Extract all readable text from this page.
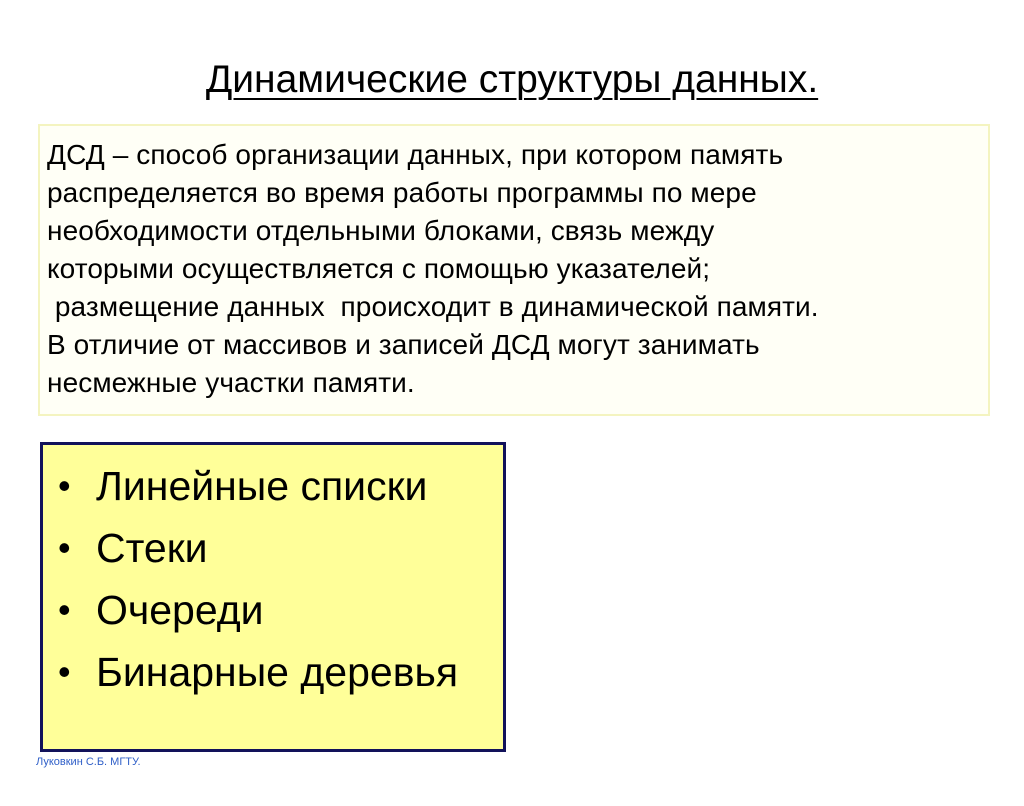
Динамические структуры данных.
ДСД – способ организации данных, при котором память
распределяется во время работы программы по мере
необходимости отдельными блоками, связь между
которыми осуществляется с помощью указателей;
размещение данных  происходит в динамической памяти.
В отличие от массивов и записей ДСД могут занимать
несмежные участки памяти.
• Линейные списки
• Стеки
• Очереди
• Бинарные деревья
Луковкин С.Б. МГТУ.
